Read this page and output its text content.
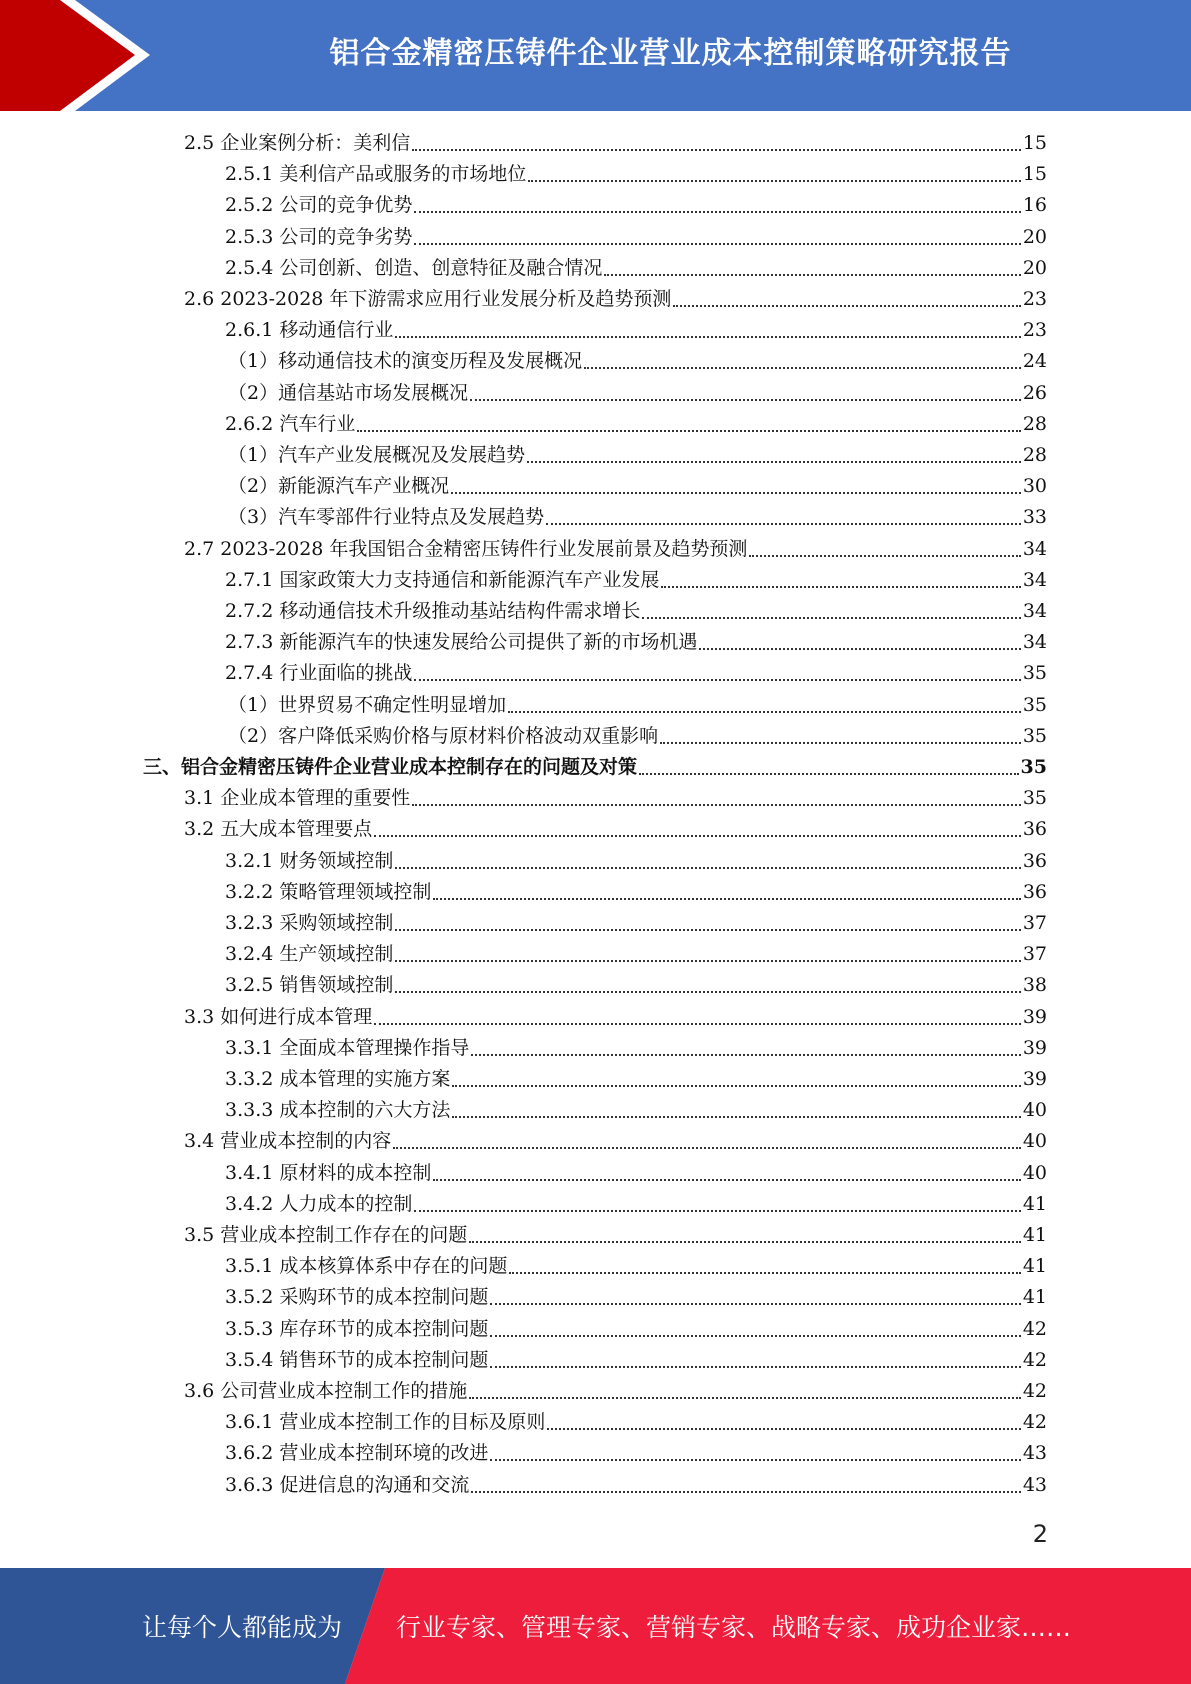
铝合金精密压铸件企业营业成本控制策略研究报告
2.5 企业案例分析：美利信	15
2.5.1 美利信产品或服务的市场地位	15
2.5.2 公司的竞争优势	16
2.5.3 公司的竞争劣势	20
2.5.4 公司创新、创造、创意特征及融合情况	20
2.6 2023-2028 年下游需求应用行业发展分析及趋势预测	23
2.6.1 移动通信行业	23
（1）移动通信技术的演变历程及发展概况	24
（2）通信基站市场发展概况	26
2.6.2 汽车行业	28
（1）汽车产业发展概况及发展趋势	28
（2）新能源汽车产业概况	30
（3）汽车零部件行业特点及发展趋势	33
2.7 2023-2028 年我国铝合金精密压铸件行业发展前景及趋势预测	34
2.7.1 国家政策大力支持通信和新能源汽车产业发展	34
2.7.2 移动通信技术升级推动基站结构件需求增长	34
2.7.3 新能源汽车的快速发展给公司提供了新的市场机遇	34
2.7.4 行业面临的挑战	35
（1）世界贸易不确定性明显增加	35
（2）客户降低采购价格与原材料价格波动双重影响	35
三、铝合金精密压铸件企业营业成本控制存在的问题及对策	35
3.1 企业成本管理的重要性	35
3.2 五大成本管理要点	36
3.2.1 财务领域控制	36
3.2.2 策略管理领域控制	36
3.2.3 采购领域控制	37
3.2.4 生产领域控制	37
3.2.5 销售领域控制	38
3.3 如何进行成本管理	39
3.3.1 全面成本管理操作指导	39
3.3.2 成本管理的实施方案	39
3.3.3 成本控制的六大方法	40
3.4 营业成本控制的内容	40
3.4.1 原材料的成本控制	40
3.4.2 人力成本的控制	41
3.5 营业成本控制工作存在的问题	41
3.5.1 成本核算体系中存在的问题	41
3.5.2 采购环节的成本控制问题	41
3.5.3 库存环节的成本控制问题	42
3.5.4 销售环节的成本控制问题	42
3.6 公司营业成本控制工作的措施	42
3.6.1 营业成本控制工作的目标及原则	42
3.6.2 营业成本控制环境的改进	43
3.6.3 促进信息的沟通和交流	43
2
让每个人都能成为 行业专家、管理专家、营销专家、战略专家、成功企业家……
